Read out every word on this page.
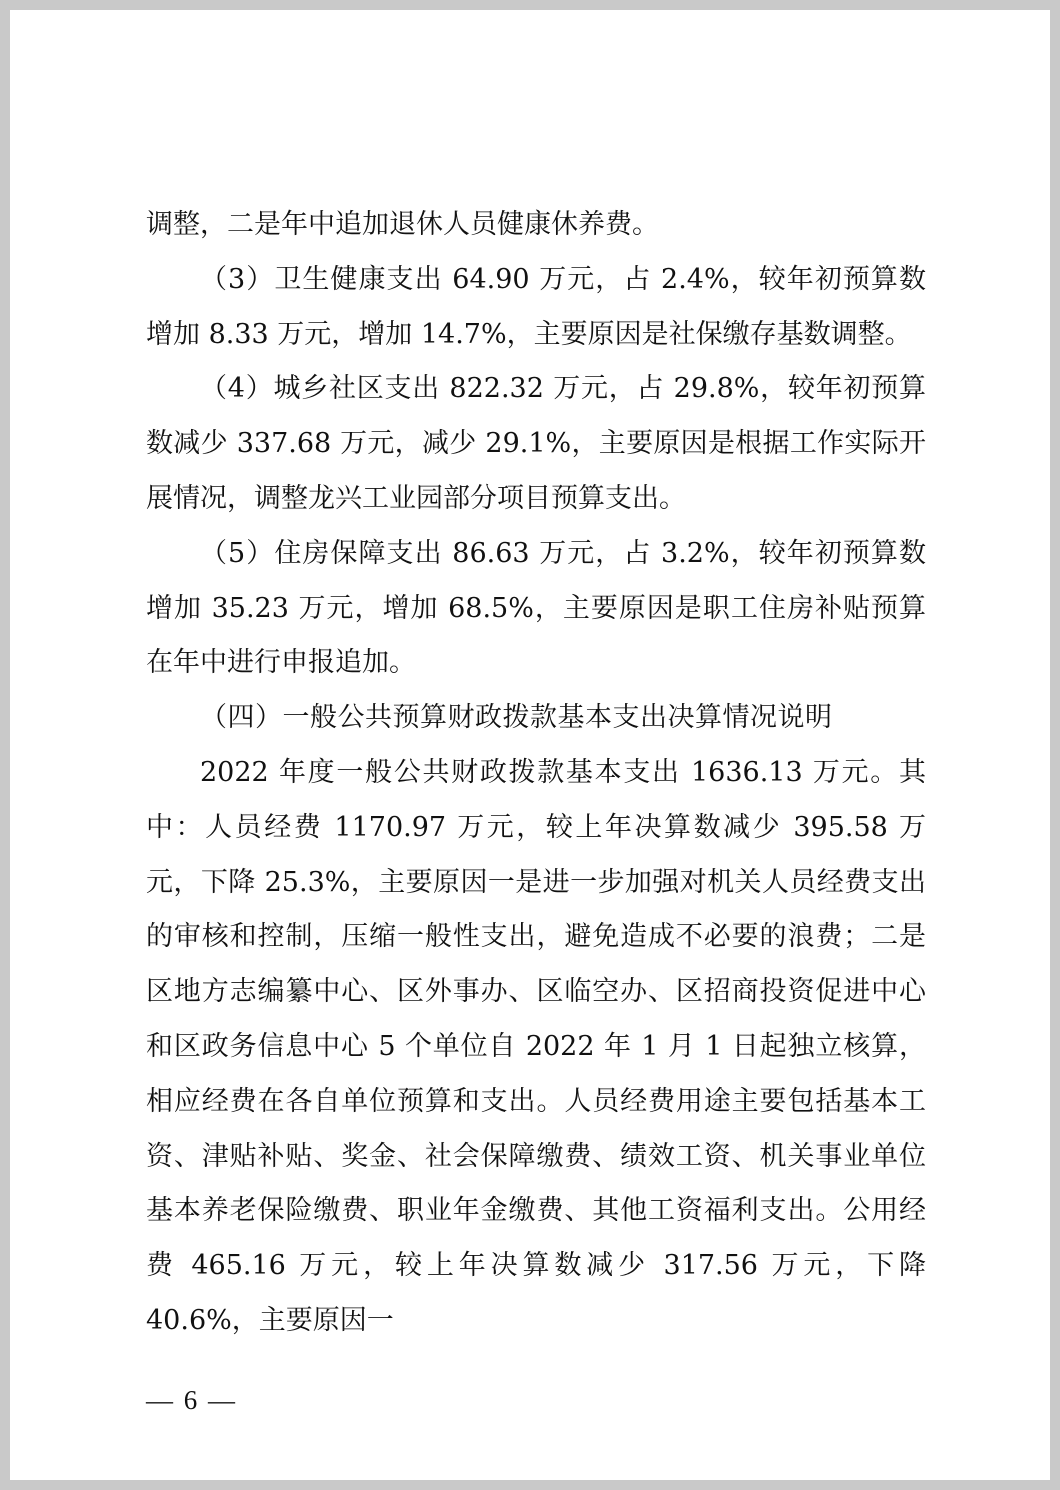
调整，二是年中追加退休人员健康休养费。

（3）卫生健康支出 64.90 万元，占 2.4%，较年初预算数增加 8.33 万元，增加 14.7%，主要原因是社保缴存基数调整。

（4）城乡社区支出 822.32 万元，占 29.8%，较年初预算数减少 337.68 万元，减少 29.1%，主要原因是根据工作实际开展情况，调整龙兴工业园部分项目预算支出。

（5）住房保障支出 86.63 万元，占 3.2%，较年初预算数增加 35.23 万元，增加 68.5%，主要原因是职工住房补贴预算在年中进行申报追加。

（四）一般公共预算财政拨款基本支出决算情况说明

2022 年度一般公共财政拨款基本支出 1636.13 万元。其中：人员经费 1170.97 万元，较上年决算数减少 395.58 万元，下降 25.3%，主要原因一是进一步加强对机关人员经费支出的审核和控制，压缩一般性支出，避免造成不必要的浪费；二是区地方志编纂中心、区外事办、区临空办、区招商投资促进中心和区政务信息中心 5 个单位自 2022 年 1 月 1 日起独立核算，相应经费在各自单位预算和支出。人员经费用途主要包括基本工资、津贴补贴、奖金、社会保障缴费、绩效工资、机关事业单位基本养老保险缴费、职业年金缴费、其他工资福利支出。公用经费 465.16 万元，较上年决算数减少 317.56 万元，下降 40.6%，主要原因一

— 6 —
